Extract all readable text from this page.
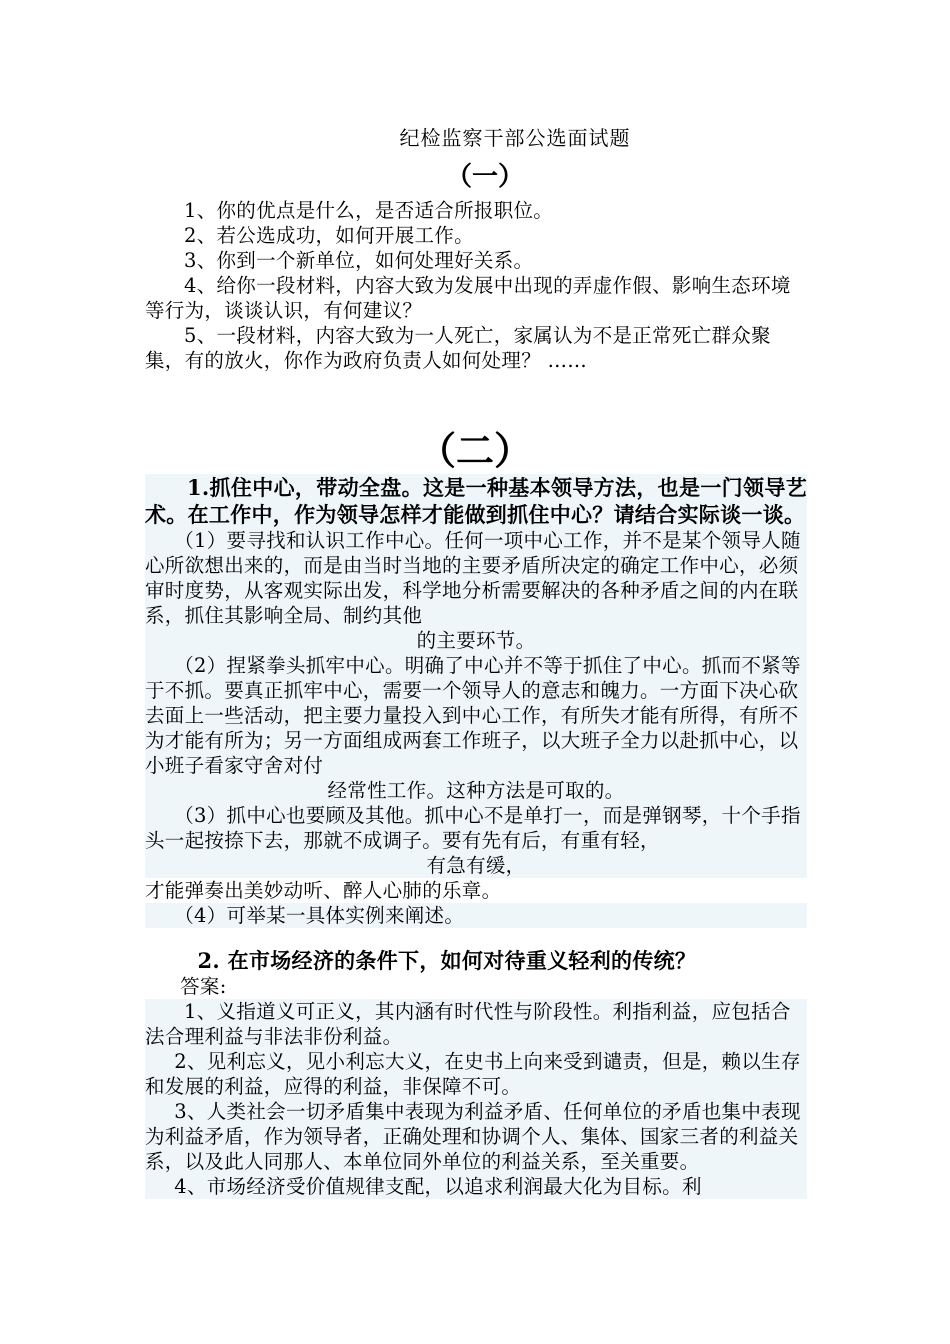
纪检监察干部公选面试题
（一）

1、你的优点是什么，是否适合所报职位。

2、若公选成功，如何开展工作。

3、你到一个新单位，如何处理好关系。

4、给你一段材料，内容大致为发展中出现的弄虚作假、影响生态环境等行为，谈谈认识，有何建议？

5、一段材料，内容大致为一人死亡，家属认为不是正常死亡群众聚集，有的放火，你作为政府负责人如何处理？ ……

（二）

1.抓住中心，带动全盘。这是一种基本领导方法，也是一门领导艺术。在工作中，作为领导怎样才能做到抓住中心？请结合实际谈一谈。

（1）要寻找和认识工作中心。任何一项中心工作，并不是某个领导人随心所欲想出来的，而是由当时当地的主要矛盾所决定的确定工作中心，必须审时度势，从客观实际出发，科学地分析需要解决的各种矛盾之间的内在联系，抓住其影响全局、制约其他

的主要环节。

（2）捏紧拳头抓牢中心。明确了中心并不等于抓住了中心。抓而不紧等于不抓。要真正抓牢中心，需要一个领导人的意志和魄力。一方面下决心砍去面上一些活动，把主要力量投入到中心工作，有所失才能有所得，有所不为才能有所为；另一方面组成两套工作班子，以大班子全力以赴抓中心，以小班子看家守舍对付

经常性工作。这种方法是可取的。

（3）抓中心也要顾及其他。抓中心不是单打一，而是弹钢琴，十个手指头一起按捺下去，那就不成调子。要有先有后，有重有轻，

有急有缓，

才能弹奏出美妙动听、醉人心肺的乐章。

（4）可举某一具体实例来阐述。

2. 在市场经济的条件下，如何对待重义轻利的传统？

答案:

1、义指道义可正义，其内涵有时代性与阶段性。利指利益，应包括合法合理利益与非法非份利益。

2、见利忘义，见小利忘大义，在史书上向来受到谴责，但是，赖以生存和发展的利益，应得的利益，非保障不可。

3、人类社会一切矛盾集中表现为利益矛盾、任何单位的矛盾也集中表现为利益矛盾，作为领导者，正确处理和协调个人、集体、国家三者的利益关系，以及此人同那人、本单位同外单位的利益关系，至关重要。

4、市场经济受价值规律支配，以追求利润最大化为目标。利
